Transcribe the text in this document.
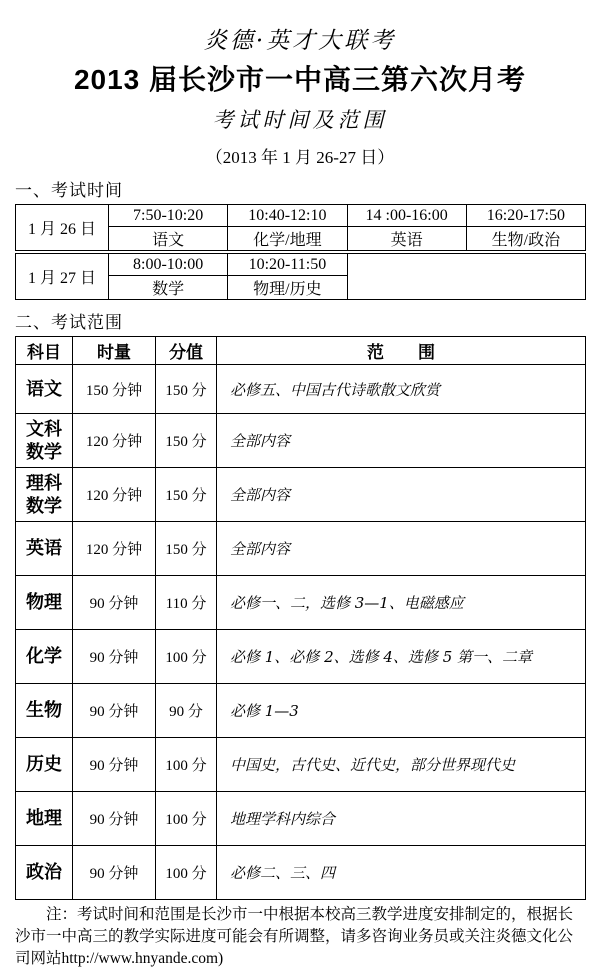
炎德·英才大联考
2013 届长沙市一中高三第六次月考
考试时间及范围
（2013 年 1 月 26-27 日）
一、考试时间
1 月 26 日	7:50-10:20	10:40-12:10	14 :00-16:00	16:20-17:50
	语文	化学/地理	英语	生物/政治
1 月 27 日	8:00-10:00	10:20-11:50	
	数学	物理/历史	
二、考试范围
科目	时量	分值	范　　围
语文	150 分钟	150 分	必修五、中国古代诗歌散文欣赏
文科数学	120 分钟	150 分	全部内容
理科数学	120 分钟	150 分	全部内容
英语	120 分钟	150 分	全部内容
物理	90 分钟	110 分	必修一、二，选修 3—1、电磁感应
化学	90 分钟	100 分	必修 1、必修 2、选修 4、选修 5 第一、二章
生物	90 分钟	90 分	必修 1—3
历史	90 分钟	100 分	中国史，古代史、近代史，部分世界现代史
地理	90 分钟	100 分	地理学科内综合
政治	90 分钟	100 分	必修二、三、四

注：考试时间和范围是长沙市一中根据本校高三教学进度安排制定的，根据长沙市一中高三的教学实际进度可能会有所调整，请多咨询业务员或关注炎德文化公司网站http://www.hnyande.com)
